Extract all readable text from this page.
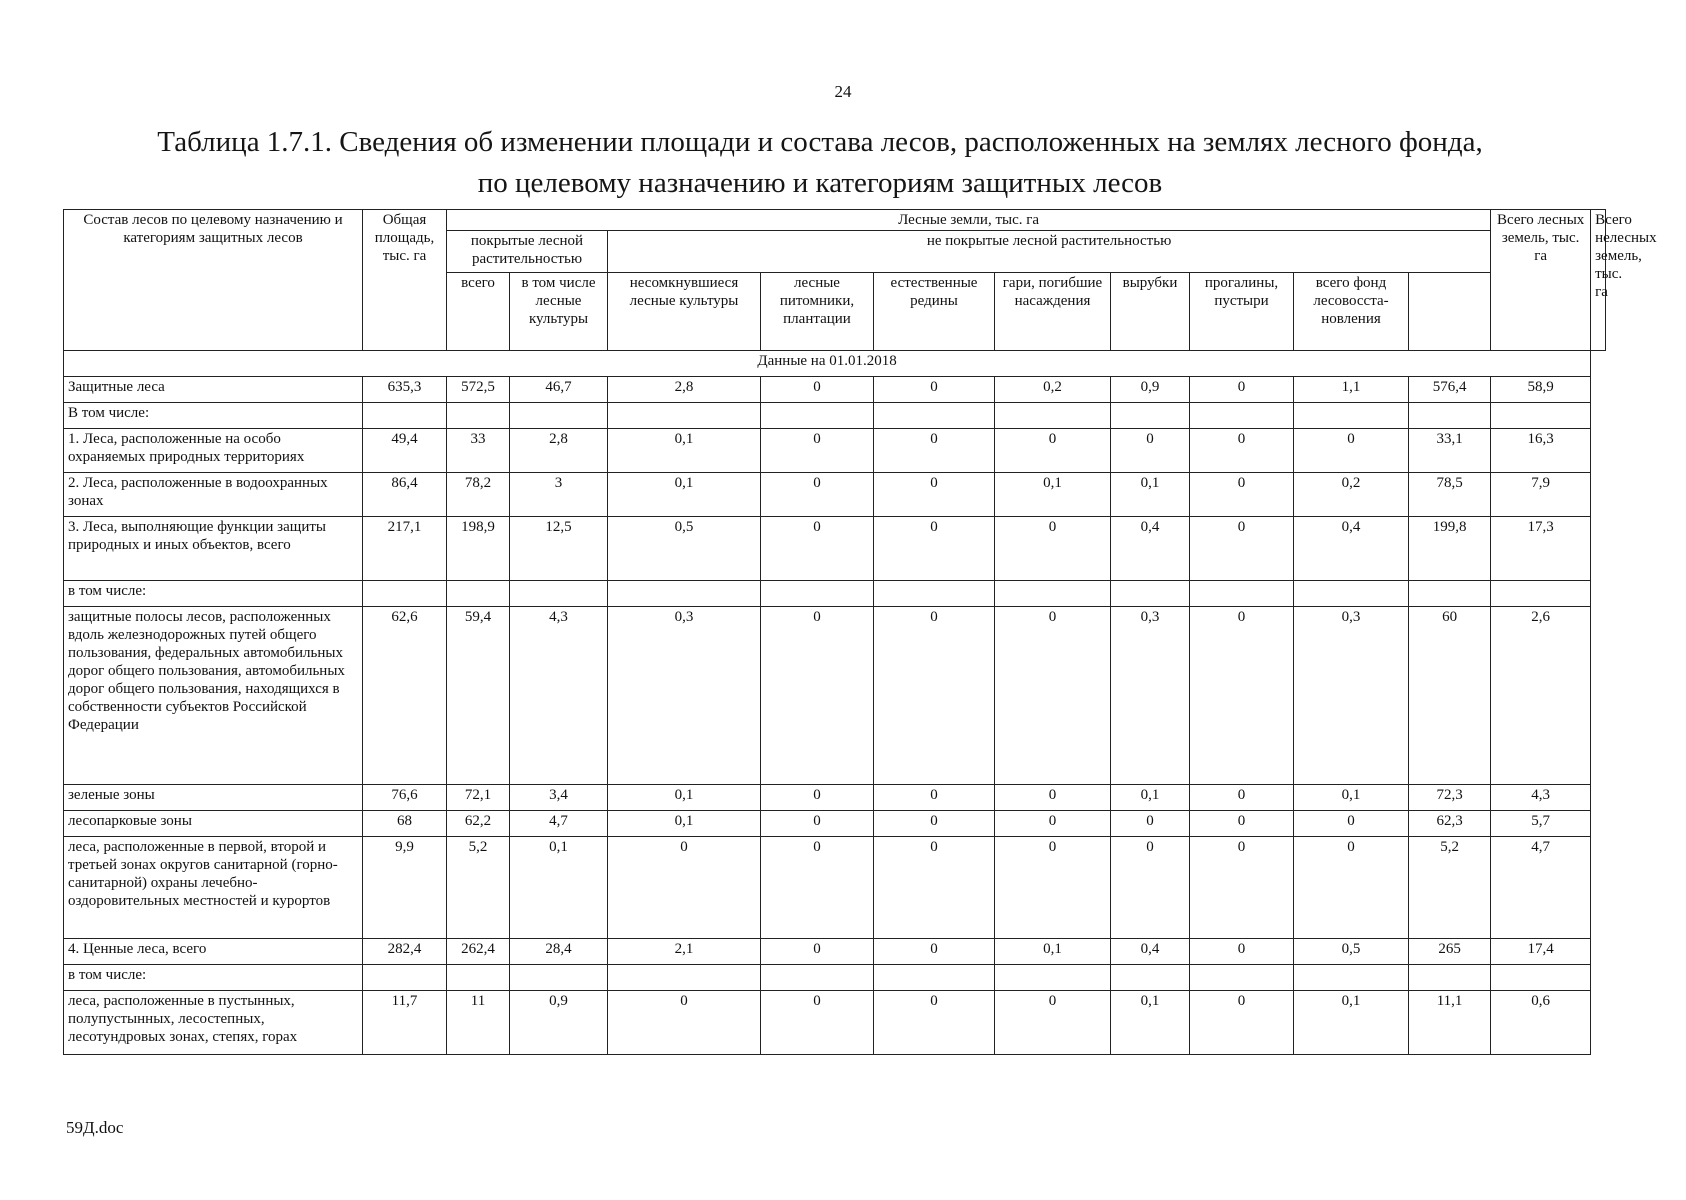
24
Таблица 1.7.1. Сведения об изменении площади и состава лесов, расположенных на землях лесного фонда,
по целевому назначению и категориям защитных лесов
Состав лесов по целевому назначению и категориям защитных лесов	Общая площадь, тыс. га	Лесные земли, тыс. га										Всего лесных земель, тыс. га	Всего нелесных земель, тыс. га
		покрытые лесной растительностью		не покрытые лесной растительностью									
		всего	в том числе лесные культуры	несомкнувшиеся лесные культуры	лесные питомники, плантации	естественные редины	гари, погибшие насаждения	вырубки	прогалины, пустыри	всего фонд лесовосста-новления			
Данные на 01.01.2018													
Защитные леса	635,3	572,5	46,7	2,8	0	0	0,2	0,9	0	1,1	576,4	58,9	
В том числе:													
1. Леса, расположенные на особо охраняемых природных территориях	49,4	33	2,8	0,1	0	0	0	0	0	0	33,1	16,3	
2. Леса, расположенные в водоохранных зонах	86,4	78,2	3	0,1	0	0	0,1	0,1	0	0,2	78,5	7,9	
3. Леса, выполняющие функции защиты природных и иных объектов, всего	217,1	198,9	12,5	0,5	0	0	0	0,4	0	0,4	199,8	17,3	
в том числе:													
защитные полосы лесов, расположенных вдоль железнодорожных путей общего пользования, федеральных автомобильных дорог общего пользования, автомобильных дорог общего пользования, находящихся в собственности субъектов Российской Федерации	62,6	59,4	4,3	0,3	0	0	0	0,3	0	0,3	60	2,6	
зеленые зоны	76,6	72,1	3,4	0,1	0	0	0	0,1	0	0,1	72,3	4,3	
лесопарковые зоны	68	62,2	4,7	0,1	0	0	0	0	0	0	62,3	5,7	
леса, расположенные в первой, второй и третьей зонах округов санитарной (горно-санитарной) охраны лечебно-оздоровительных местностей и курортов	9,9	5,2	0,1	0	0	0	0	0	0	0	5,2	4,7	
4. Ценные леса, всего	282,4	262,4	28,4	2,1	0	0	0,1	0,4	0	0,5	265	17,4	
в том числе:													
леса, расположенные в пустынных, полупустынных, лесостепных, лесотундровых зонах, степях, горах	11,7	11	0,9	0	0	0	0	0,1	0	0,1	11,1	0,6	
59Д.doc
